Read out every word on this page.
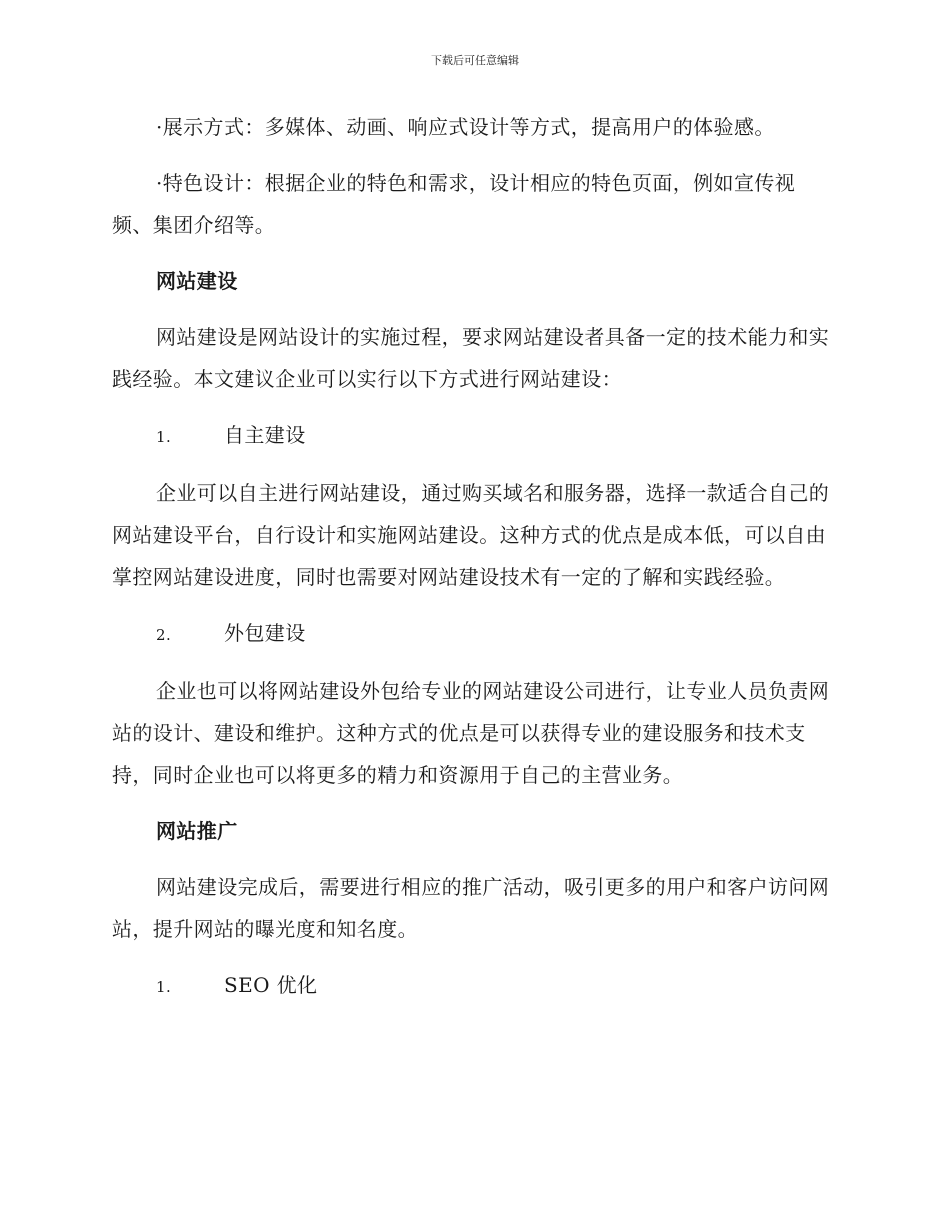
下载后可任意编辑

·展示方式：多媒体、动画、响应式设计等方式，提高用户的体验感。

·特色设计：根据企业的特色和需求，设计相应的特色页面，例如宣传视频、集团介绍等。

网站建设

网站建设是网站设计的实施过程，要求网站建设者具备一定的技术能力和实践经验。本文建议企业可以实行以下方式进行网站建设：

1.	自主建设

企业可以自主进行网站建设，通过购买域名和服务器，选择一款适合自己的网站建设平台，自行设计和实施网站建设。这种方式的优点是成本低，可以自由掌控网站建设进度，同时也需要对网站建设技术有一定的了解和实践经验。

2.	外包建设

企业也可以将网站建设外包给专业的网站建设公司进行，让专业人员负责网站的设计、建设和维护。这种方式的优点是可以获得专业的建设服务和技术支持，同时企业也可以将更多的精力和资源用于自己的主营业务。

网站推广

网站建设完成后，需要进行相应的推广活动，吸引更多的用户和客户访问网站，提升网站的曝光度和知名度。

1.	SEO 优化
